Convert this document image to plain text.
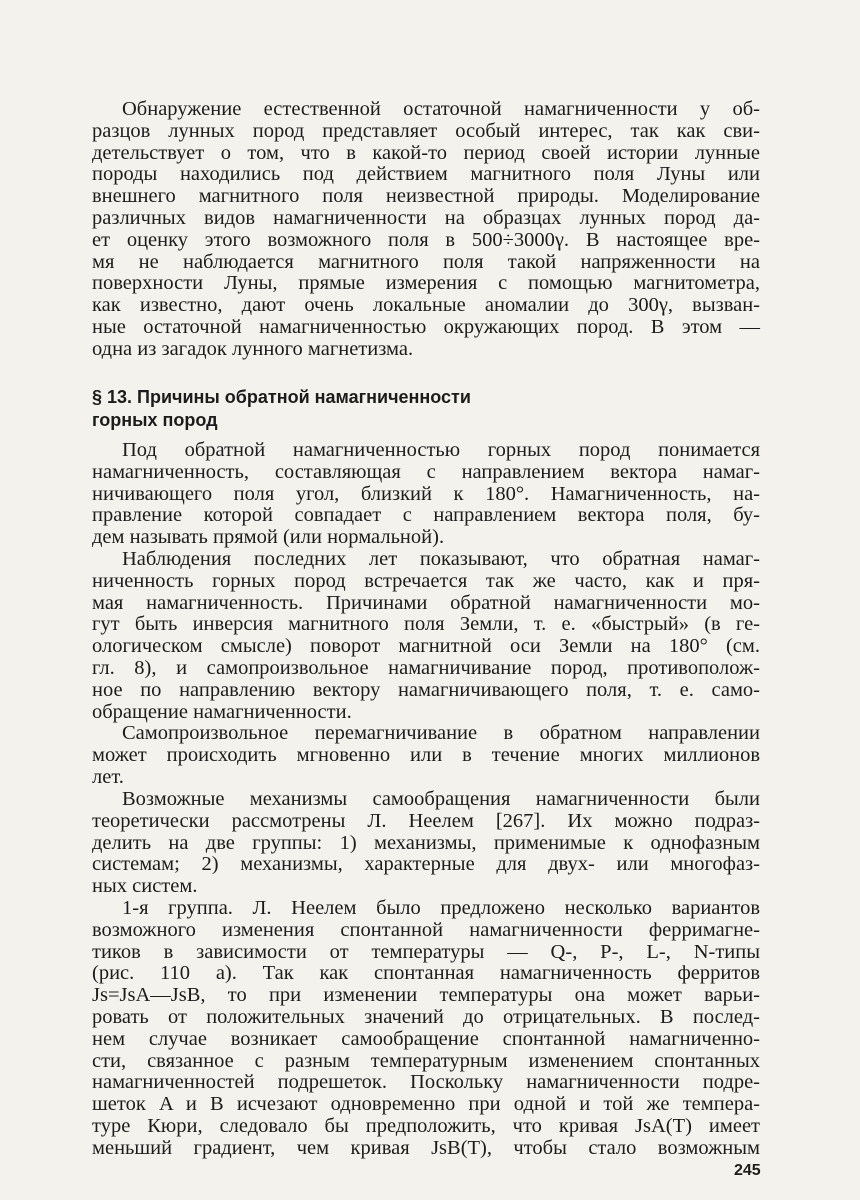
Обнаружение естественной остаточной намагниченности у об-
разцов лунных пород представляет особый интерес, так как сви-
детельствует о том, что в какой-то период своей истории лунные
породы находились под действием магнитного поля Луны или
внешнего магнитного поля неизвестной природы. Моделирование
различных видов намагниченности на образцах лунных пород да-
ет оценку этого возможного поля в 500÷3000γ. В настоящее вре-
мя не наблюдается магнитного поля такой напряженности на
поверхности Луны, прямые измерения с помощью магнитометра,
как известно, дают очень локальные аномалии до 300γ, вызван-
ные остаточной намагниченностью окружающих пород. В этом —
одна из загадок лунного магнетизма.
§ 13. Причины обратной намагниченности
горных пород
Под обратной намагниченностью горных пород понимается
намагниченность, составляющая с направлением вектора намаг-
ничивающего поля угол, близкий к 180°. Намагниченность, на-
правление которой совпадает с направлением вектора поля, бу-
дем называть прямой (или нормальной).
Наблюдения последних лет показывают, что обратная намаг-
ниченность горных пород встречается так же часто, как и пря-
мая намагниченность. Причинами обратной намагниченности мо-
гут быть инверсия магнитного поля Земли, т. е. «быстрый» (в ге-
ологическом смысле) поворот магнитной оси Земли на 180° (см.
гл. 8), и самопроизвольное намагничивание пород, противополож-
ное по направлению вектору намагничивающего поля, т. е. само-
обращение намагниченности.
Самопроизвольное перемагничивание в обратном направлении
может происходить мгновенно или в течение многих миллионов
лет.
Возможные механизмы самообращения намагниченности были
теоретически рассмотрены Л. Неелем [267]. Их можно подраз-
делить на две группы: 1) механизмы, применимые к однофазным
системам; 2) механизмы, характерные для двух- или многофаз-
ных систем.
1-я группа. Л. Неелем было предложено несколько вариантов
возможного изменения спонтанной намагниченности ферримагне-
тиков в зависимости от температуры — Q-, P-, L-, N-типы
(рис. 110 а). Так как спонтанная намагниченность ферритов
Js=JsA—JsB, то при изменении температуры она может варьи-
ровать от положительных значений до отрицательных. В послед-
нем случае возникает самообращение спонтанной намагниченно-
сти, связанное с разным температурным изменением спонтанных
намагниченностей подрешеток. Поскольку намагниченности подре-
шеток A и B исчезают одновременно при одной и той же темпера-
туре Кюри, следовало бы предположить, что кривая JsA(T) имеет
меньший градиент, чем кривая JsB(T), чтобы стало возможным
245
